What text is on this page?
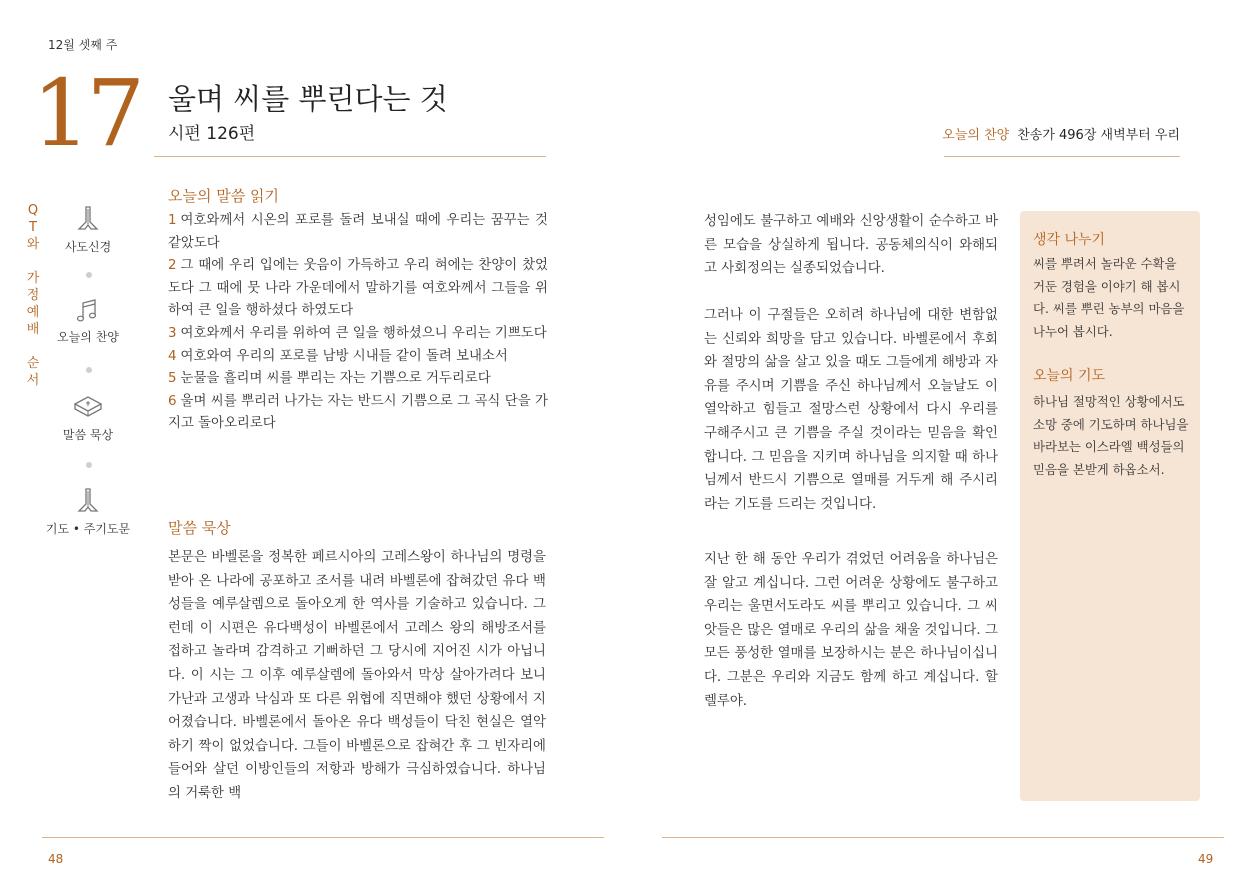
12월 셋째 주
17 울며 씨를 뿌린다는 것
시편 126편	오늘의 찬양 찬송가 496장 새벽부터 우리
Q
T
와
가
정
예
배
순
서
사도신경
오늘의 찬양
말씀 묵상
기도 • 주기도문
오늘의 말씀 읽기

1 여호와께서 시온의 포로를 돌려 보내실 때에 우리는 꿈꾸는 것 같았도다

2 그 때에 우리 입에는 웃음이 가득하고 우리 혀에는 찬양이 찼었도다 그 때에 뭇 나라 가운데에서 말하기를 여호와께서 그들을 위하여 큰 일을 행하셨다 하였도다

3 여호와께서 우리를 위하여 큰 일을 행하셨으니 우리는 기쁘도다

4 여호와여 우리의 포로를 남방 시내들 같이 돌려 보내소서

5 눈물을 흘리며 씨를 뿌리는 자는 기쁨으로 거두리로다

6 울며 씨를 뿌리러 나가는 자는 반드시 기쁨으로 그 곡식 단을 가지고 돌아오리로다

말씀 묵상

본문은 바벨론을 정복한 페르시아의 고레스왕이 하나님의 명령을 받아 온 나라에 공포하고 조서를 내려 바벨론에 잡혀갔던 유다 백성들을 예루살렘으로 돌아오게 한 역사를 기술하고 있습니다. 그런데 이 시편은 유다백성이 바벨론에서 고레스 왕의 해방조서를 접하고 놀라며 감격하고 기뻐하던 그 당시에 지어진 시가 아닙니다. 이 시는 그 이후 예루살렘에 돌아와서 막상 살아가려다 보니 가난과 고생과 낙심과 또 다른 위협에 직면해야 했던 상황에서 지어졌습니다. 바벨론에서 돌아온 유다 백성들이 닥친 현실은 열악하기 짝이 없었습니다. 그들이 바벨론으로 잡혀간 후 그 빈자리에 들어와 살던 이방인들의 저항과 방해가 극심하였습니다. 하나님의 거룩한 백

성임에도 불구하고 예배와 신앙생활이 순수하고 바른 모습을 상실하게 됩니다. 공동체의식이 와해되고 사회정의는 실종되었습니다.

그러나 이 구절들은 오히려 하나님에 대한 변함없는 신뢰와 희망을 담고 있습니다. 바벨론에서 후회와 절망의 삶을 살고 있을 때도 그들에게 해방과 자유를 주시며 기쁨을 주신 하나님께서 오늘날도 이 열악하고 힘들고 절망스런 상황에서 다시 우리를 구해주시고 큰 기쁨을 주실 것이라는 믿음을 확인합니다. 그 믿음을 지키며 하나님을 의지할 때 하나님께서 반드시 기쁨으로 열매를 거두게 해 주시리라는 기도를 드리는 것입니다.

지난 한 해 동안 우리가 겪었던 어려움을 하나님은 잘 알고 계십니다. 그런 어려운 상황에도 불구하고 우리는 울면서도라도 씨를 뿌리고 있습니다. 그 씨앗들은 많은 열매로 우리의 삶을 채울 것입니다. 그 모든 풍성한 열매를 보장하시는 분은 하나님이십니다. 그분은 우리와 지금도 함께 하고 계십니다. 할렐루야.

생각 나누기
씨를 뿌려서 놀라운 수확을 거둔 경험을 이야기 해 봅시다. 씨를 뿌린 농부의 마음을 나누어 봅시다.
오늘의 기도
하나님 절망적인 상황에서도 소망 중에 기도하며 하나님을 바라보는 이스라엘 백성들의 믿음을 본받게 하옵소서.
48	49
